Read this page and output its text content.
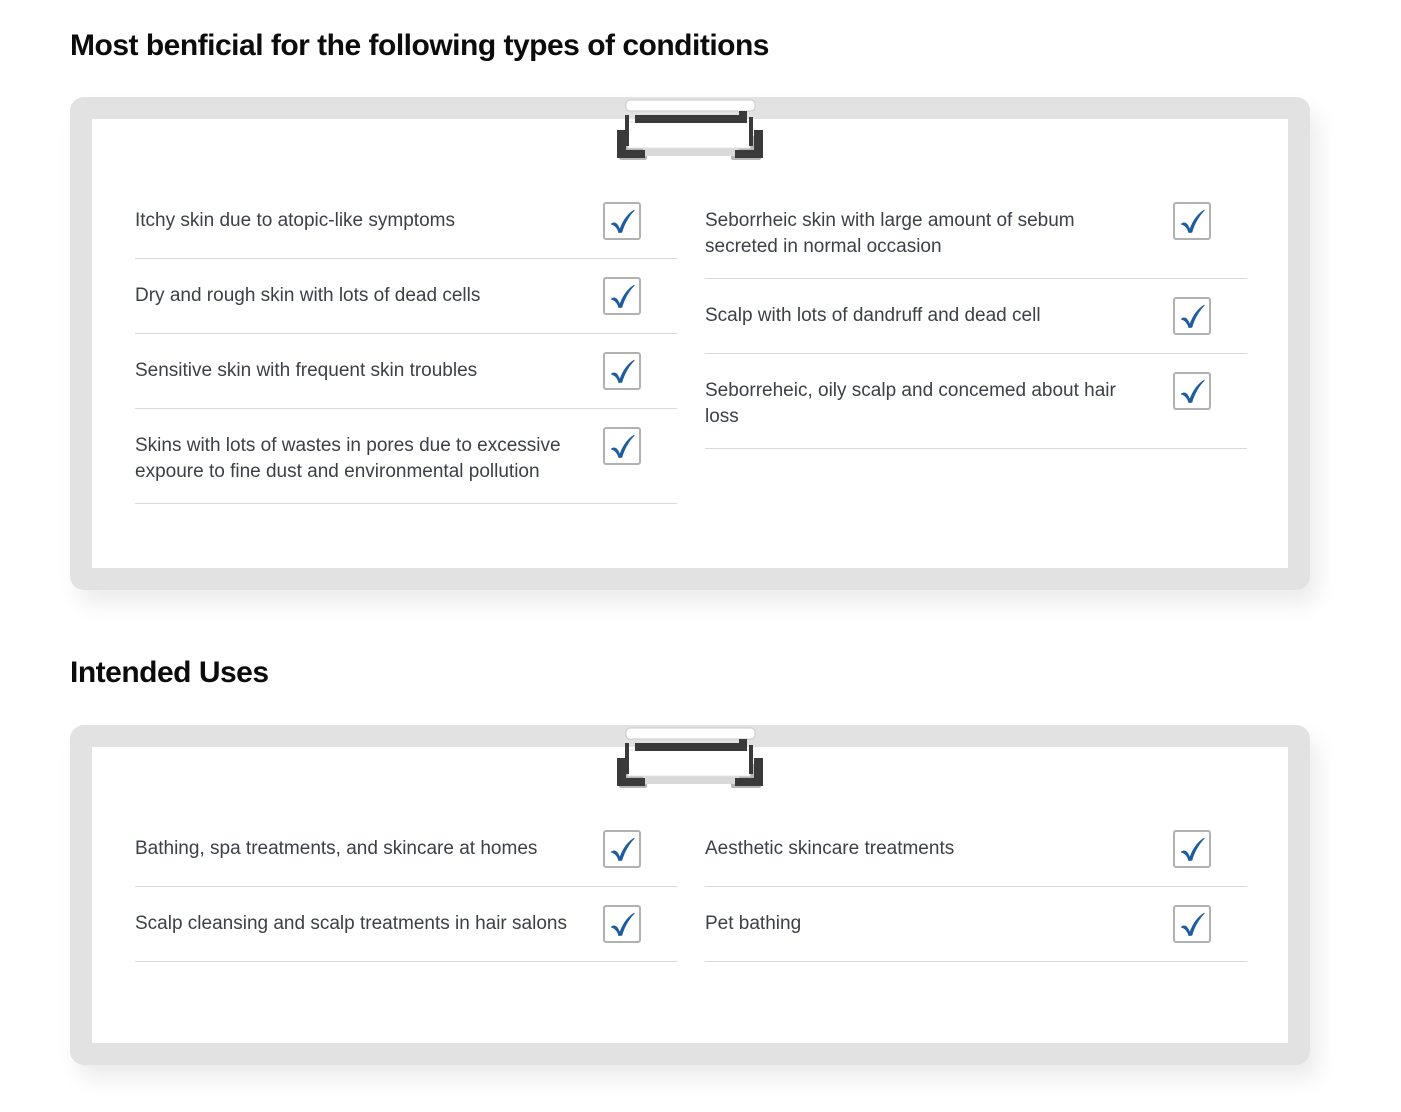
Most benficial for the following types of conditions
Itchy skin due to atopic-like symptoms
Dry and rough skin with lots of dead cells
Sensitive skin with frequent skin troubles
Skins with lots of wastes in pores due to excessive expoure to fine dust and environmental pollution
Seborrheic skin with large amount of sebum secreted in normal occasion
Scalp with lots of dandruff and dead cell
Seborreheic, oily scalp and concemed about hair loss
Intended Uses
Bathing, spa treatments, and skincare at homes
Scalp cleansing and scalp treatments in hair salons
Aesthetic skincare treatments
Pet bathing
